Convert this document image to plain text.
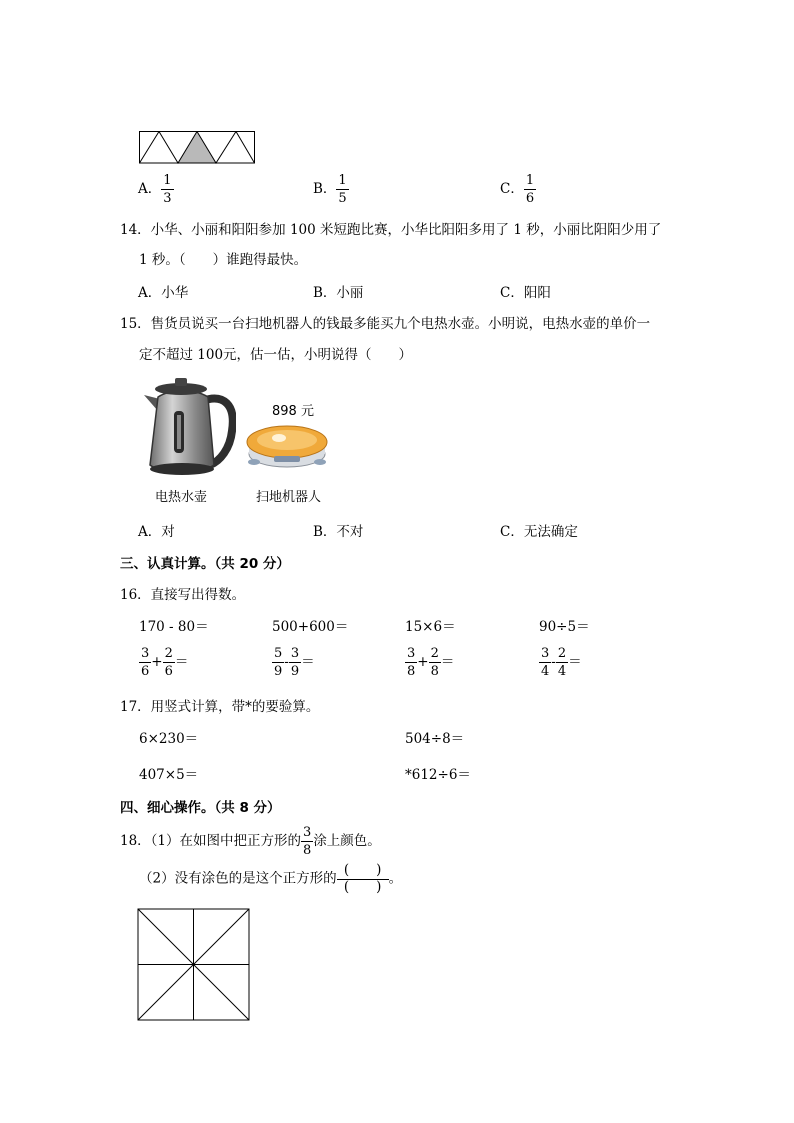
A． $\frac{1}{3}$	B． $\frac{1}{5}$	C． $\frac{1}{6}$
14．小华、小丽和阳阳参加 100 米短跑比赛，小华比阳阳多用了 1 秒，小丽比阳阳少用了
1 秒。（　　）谁跑得最快。
A．小华	B．小丽	C．阳阳
15．售货员说买一台扫地机器人的钱最多能买九个电热水壶。小明说，电热水壶的单价一
定不超过 100元，估一估，小明说得（　　）
898 元
电热水壶	扫地机器人
A．对	B．不对	C．无法确定
三、认真计算。（共 20 分）
16．直接写出得数。
170 - 80＝	500+600＝	15×6＝	90÷5＝
$\frac{3}{6} + \frac{2}{6}$ ＝	$\frac{5}{9} - \frac{3}{9}$ ＝	$\frac{3}{8} + \frac{2}{8}$ ＝	$\frac{3}{4} - \frac{2}{4}$ ＝
17．用竖式计算，带*的要验算。
6×230＝	504÷8＝
407×5＝	*612÷6＝
四、细心操作。（共 8 分）
18．（1）在如图中把正方形的 $\frac{3}{8}$ 涂上颜色。
（2）没有涂色的是这个正方形的 $\frac{( )}{( )}$ 。
